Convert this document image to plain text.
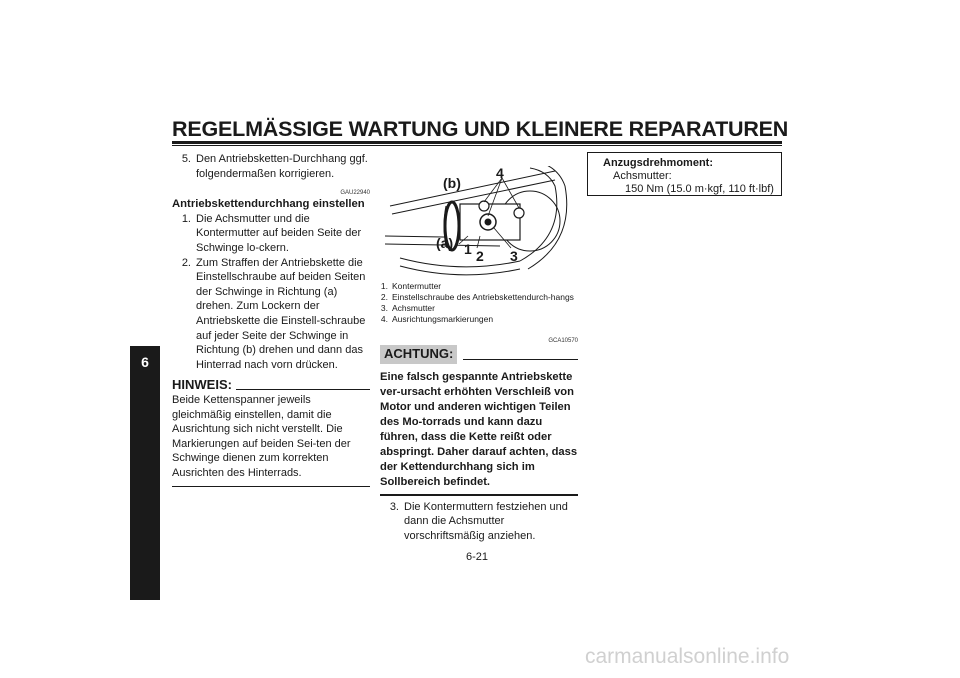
REGELMÄSSIGE WARTUNG UND KLEINERE REPARATUREN
6
5. Den Antriebsketten-Durchhang ggf. folgendermaßen korrigieren.
GAU22940
Antriebskettendurchhang einstellen
1. Die Achsmutter und die Kontermutter auf beiden Seite der Schwinge lo-ckern.
2. Zum Straffen der Antriebskette die Einstellschraube auf beiden Seiten der Schwinge in Richtung (a) drehen. Zum Lockern der Antriebskette die Einstell-schraube auf jeder Seite der Schwinge in Richtung (b) drehen und dann das Hinterrad nach vorn drücken.
HINWEIS:
Beide Kettenspanner jeweils gleichmäßig einstellen, damit die Ausrichtung sich nicht verstellt. Die Markierungen auf beiden Sei-ten der Schwinge dienen zum korrekten Ausrichten des Hinterrads.
(b)
4
(a) 1 2 3
1. Kontermutter
2. Einstellschraube des Antriebskettendurch-hangs
3. Achsmutter
4. Ausrichtungsmarkierungen
GCA10570
ACHTUNG:
Eine falsch gespannte Antriebskette ver-ursacht erhöhten Verschleiß von Motor und anderen wichtigen Teilen des Mo-torrads und kann dazu führen, dass die Kette reißt oder abspringt. Daher darauf achten, dass der Kettendurchhang sich im Sollbereich befindet.
3. Die Kontermuttern festziehen und dann die Achsmutter vorschriftsmäßig anziehen.
Anzugsdrehmoment:
Achsmutter:
150 Nm (15.0 m·kgf, 110 ft·lbf)
6-21
carmanualsonline.info
